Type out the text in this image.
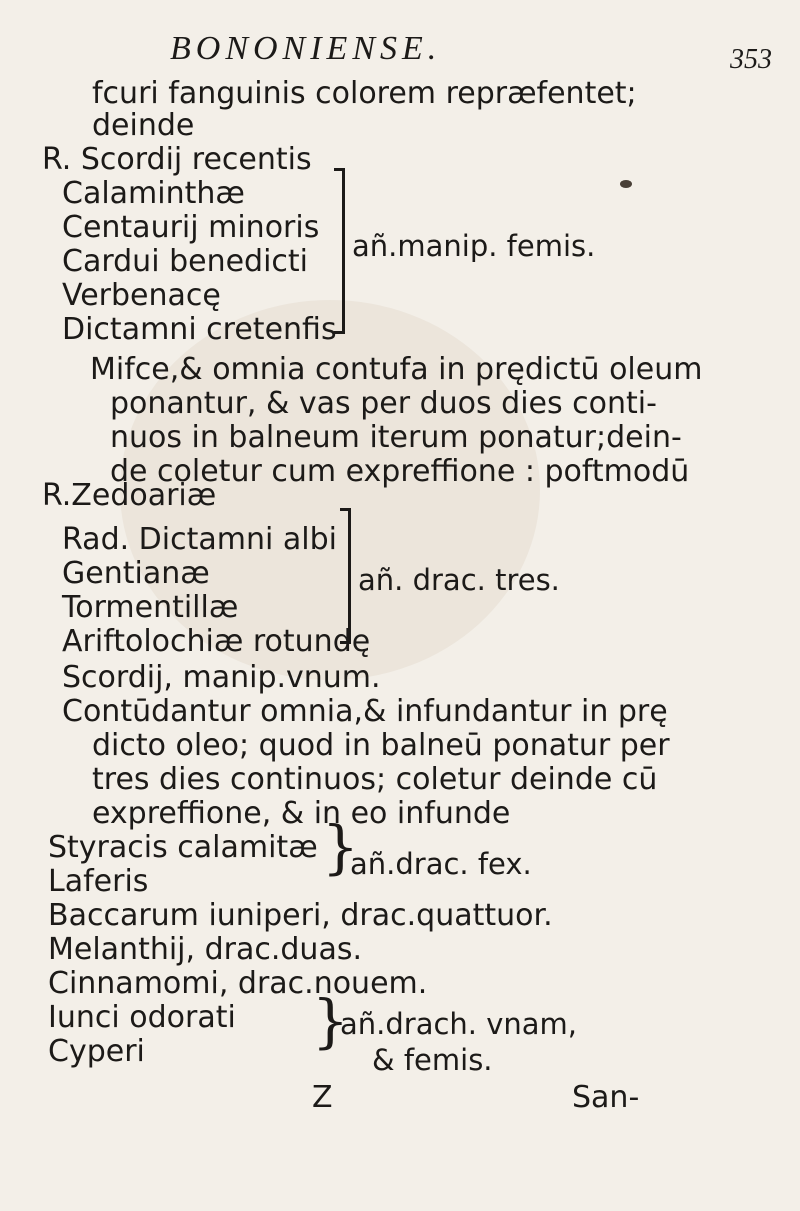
BONONIENSE.	353
fcuri fanguinis colorem repræfentet;
deinde
R. Scordij recentis
Calaminthæ
Centaurij minoris
Cardui benedicti
Verbenacę
Dictamni cretenfis
añ.manip. femis.
Mifce,& omnia contufa in prędictū oleum
ponantur, & vas per duos dies conti-
nuos in balneum iterum ponatur;dein-
de coletur cum expreffione : poftmodū
R.Zedoariæ
Rad. Dictamni albi
Gentianæ
Tormentillæ
Ariftolochiæ rotundę
añ. drac. tres.
Scordij, manip.vnum.
Contūdantur omnia,& infundantur in prę
dicto oleo; quod in balneū ponatur per
tres dies continuos; coletur deinde cū
expreffione, & in eo infunde
Styracis calamitæ
Laferis
}
añ.drac. fex.
Baccarum iuniperi, drac.quattuor.
Melanthij, drac.duas.
Cinnamomi, drac.nouem.
Iunci odorati
Cyperi	}
añ.drach. vnam,
& femis.
Z	San-
